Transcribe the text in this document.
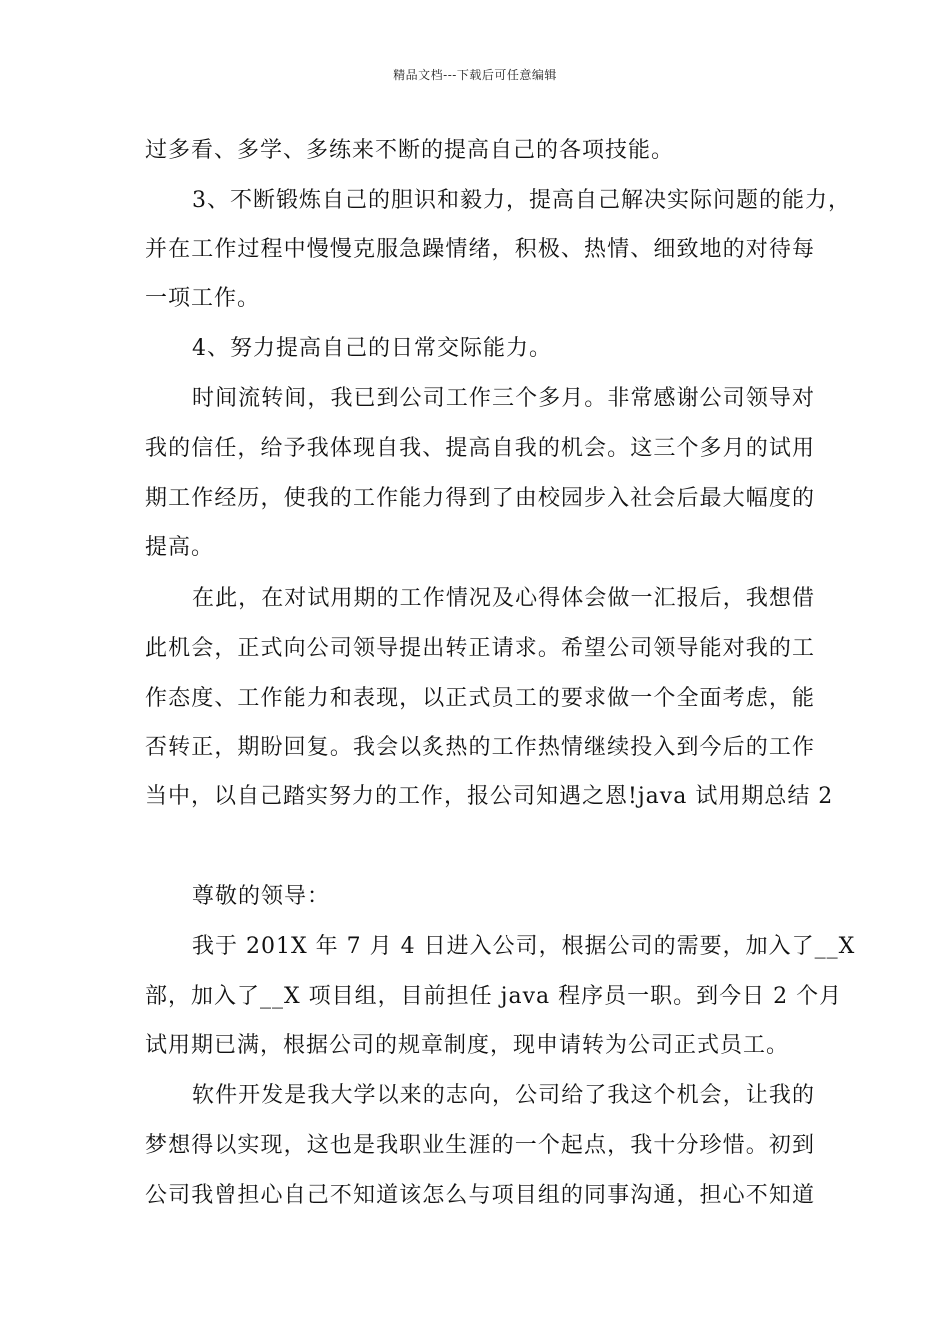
精品文档---下载后可任意编辑
过多看、多学、多练来不断的提高自己的各项技能。
3、不断锻炼自己的胆识和毅力，提高自己解决实际问题的能力，
并在工作过程中慢慢克服急躁情绪，积极、热情、细致地的对待每
一项工作。
4、努力提高自己的日常交际能力。
时间流转间，我已到公司工作三个多月。非常感谢公司领导对
我的信任，给予我体现自我、提高自我的机会。这三个多月的试用
期工作经历，使我的工作能力得到了由校园步入社会后最大幅度的
提高。
在此，在对试用期的工作情况及心得体会做一汇报后，我想借
此机会，正式向公司领导提出转正请求。希望公司领导能对我的工
作态度、工作能力和表现，以正式员工的要求做一个全面考虑，能
否转正，期盼回复。我会以炙热的工作热情继续投入到今后的工作
当中，以自己踏实努力的工作，报公司知遇之恩!java 试用期总结 2
尊敬的领导：
我于 201X 年 7 月 4 日进入公司，根据公司的需要，加入了__X
部，加入了__X 项目组，目前担任 java 程序员一职。到今日 2 个月
试用期已满，根据公司的规章制度，现申请转为公司正式员工。
软件开发是我大学以来的志向，公司给了我这个机会，让我的
梦想得以实现，这也是我职业生涯的一个起点，我十分珍惜。初到
公司我曾担心自己不知道该怎么与项目组的同事沟通，担心不知道
